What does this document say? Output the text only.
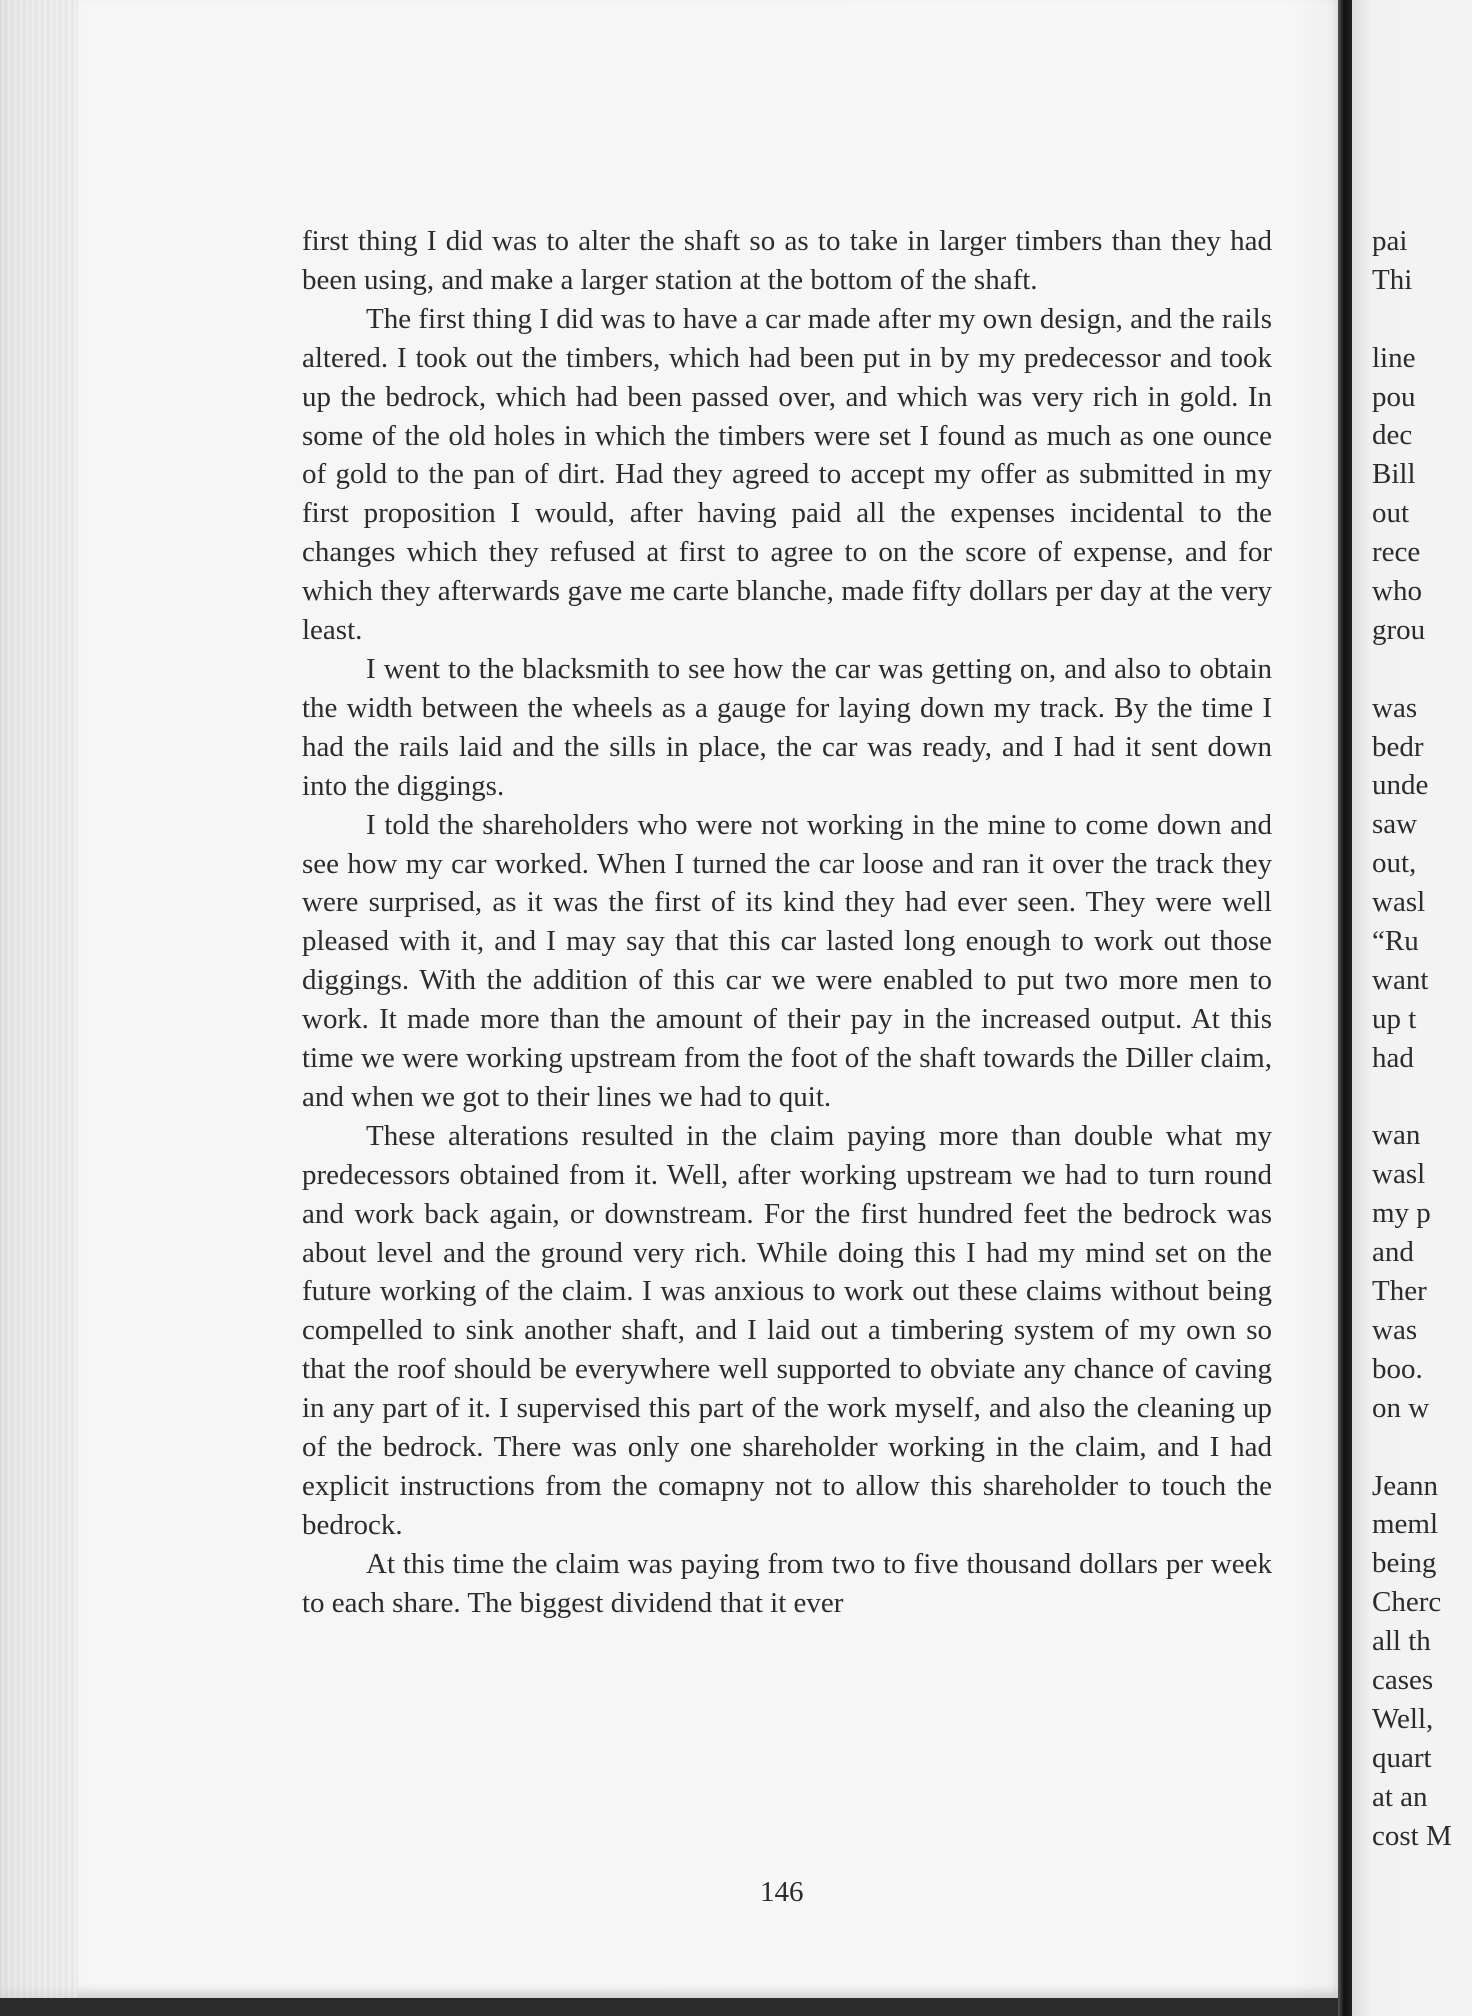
first thing I did was to alter the shaft so as to take in larger timbers than they had been using, and make a larger station at the bottom of the shaft.

The first thing I did was to have a car made after my own design, and the rails altered. I took out the timbers, which had been put in by my predecessor and took up the bedrock, which had been passed over, and which was very rich in gold. In some of the old holes in which the timbers were set I found as much as one ounce of gold to the pan of dirt. Had they agreed to accept my offer as submitted in my first proposition I would, after having paid all the expenses incidental to the changes which they refused at first to agree to on the score of expense, and for which they afterwards gave me carte blanche, made fifty dollars per day at the very least.

I went to the blacksmith to see how the car was getting on, and also to obtain the width between the wheels as a gauge for laying down my track. By the time I had the rails laid and the sills in place, the car was ready, and I had it sent down into the diggings.

I told the shareholders who were not working in the mine to come down and see how my car worked. When I turned the car loose and ran it over the track they were surprised, as it was the first of its kind they had ever seen. They were well pleased with it, and I may say that this car lasted long enough to work out those diggings. With the addition of this car we were enabled to put two more men to work. It made more than the amount of their pay in the increased output. At this time we were working upstream from the foot of the shaft towards the Diller claim, and when we got to their lines we had to quit.

These alterations resulted in the claim paying more than double what my predecessors obtained from it. Well, after working upstream we had to turn round and work back again, or downstream. For the first hundred feet the bedrock was about level and the ground very rich. While doing this I had my mind set on the future working of the claim. I was anxious to work out these claims without being compelled to sink another shaft, and I laid out a timbering system of my own so that the roof should be everywhere well supported to obviate any chance of caving in any part of it. I supervised this part of the work myself, and also the cleaning up of the bedrock. There was only one shareholder working in the claim, and I had explicit instructions from the comapny not to allow this shareholder to touch the bedrock.

At this time the claim was paying from two to five thousand dollars per week to each share. The biggest dividend that it ever

146
pai
Thi
line
pou
dec
Bill
out
rece
who
grou
was
bedr
unde
saw
out,
wasl
“Ru
want
up t
had
wan
wasl
my p
and
Ther
was
boo.
on w
Jeann
meml
being
Cherc
all th
cases
Well,
quart
at an
cost M
